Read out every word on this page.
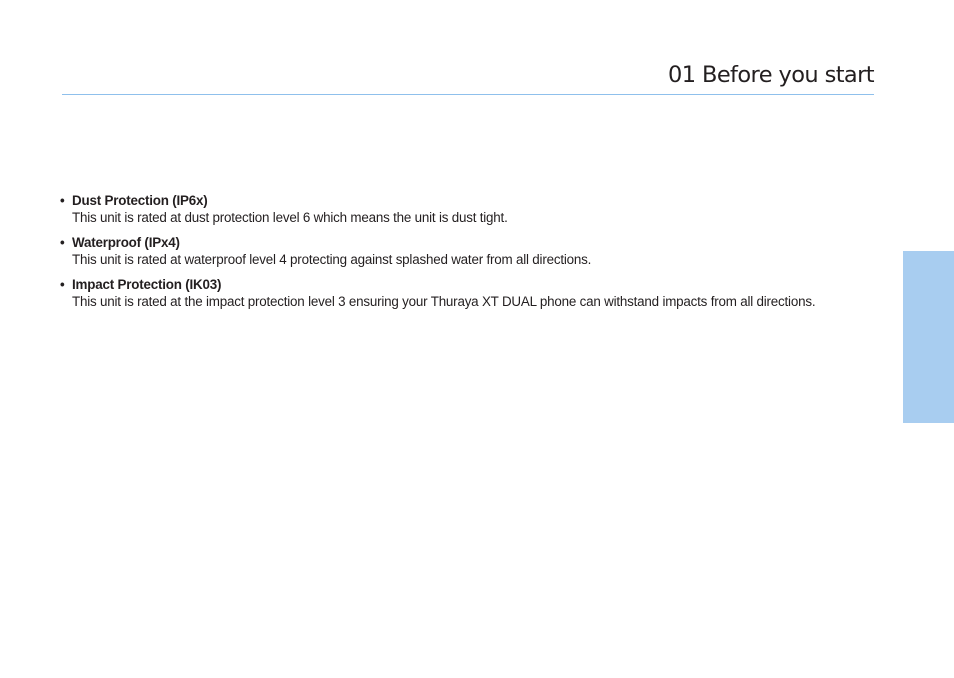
01 Before you start
• Dust Protection (IP6x)
This unit is rated at dust protection level 6 which means the unit is dust tight.
• Waterproof (IPx4)
This unit is rated at waterproof level 4 protecting against splashed water from all directions.
• Impact Protection (IK03)
This unit is rated at the impact protection level 3 ensuring your Thuraya XT DUAL phone can withstand impacts from all directions.
